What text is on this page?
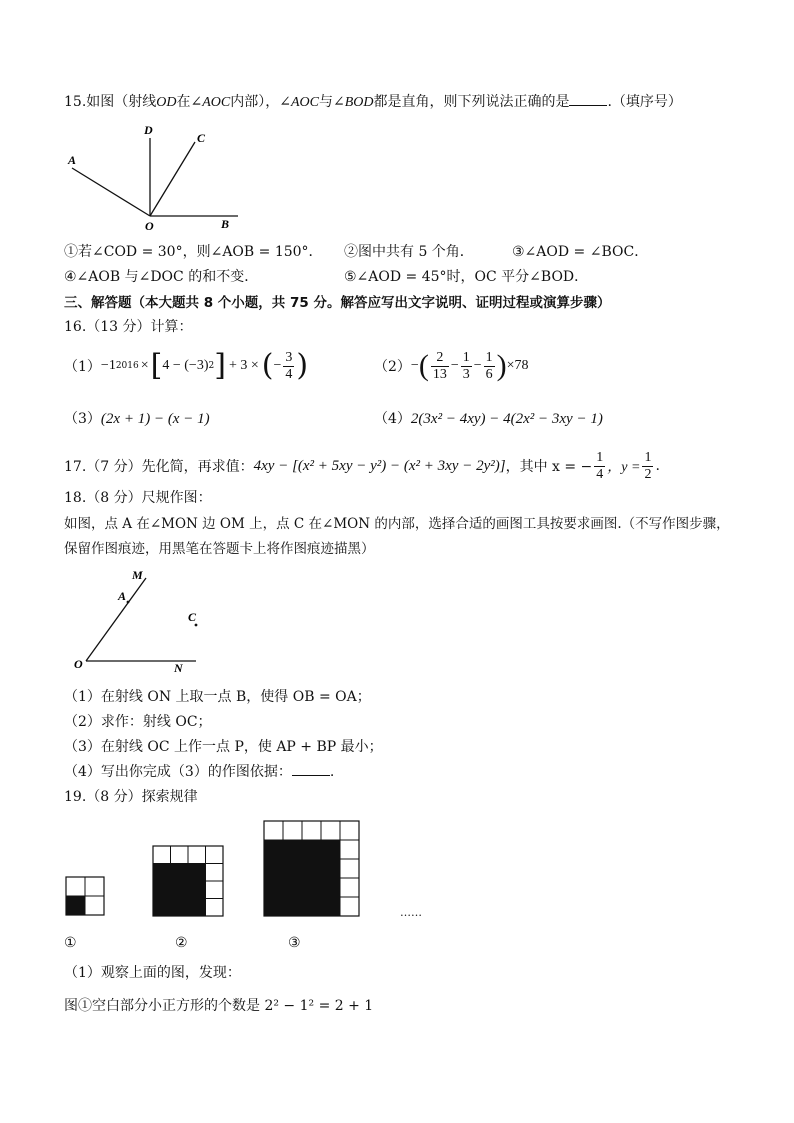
15.如图（射线OD在∠AOC内部），∠AOC与∠BOD都是直角，则下列说法正确的是	.（填序号）
A
D
C
O	B
①若∠COD = 30°，则∠AOB = 150°． ②图中共有 5 个角．	③∠AOD = ∠BOC．
④∠AOB 与∠DOC 的和不变．	⑤∠AOD = 45°时，OC 平分∠BOD．
三、解答题（本大题共 8 个小题，共 75 分。解答应写出文字说明、证明过程或演算步骤）
16.（13 分）计算：
（1） −1 2016 × [ 4 − (−3) 2 ] + 3 × ( − $\frac{3}{4}$ )	（2） − ( $\frac{2}{13} - \frac{1}{3} - \frac{1}{6}$ ) ×78
（3）(2x + 1) − (x − 1)	（4）2(3x² − 4xy) − 4(2x² − 3xy − 1)
17.（7 分）先化简，再求值： 4xy − [(x² + 5xy − y²) − (x² + 3xy − 2y²)] ，其中 x = − $\frac{1}{4}$ ，$y = \frac{1}{2}$ .
18.（8 分）尺规作图：
如图，点 A 在∠MON 边 OM 上，点 C 在∠MON 的内部，选择合适的画图工具按要求画图.（不写作图步骤，
保留作图痕迹，用黑笔在答题卡上将作图痕迹描黑）
M
A
C
O	N
（1）在射线 ON 上取一点 B，使得 OB = OA；
（2）求作：射线 OC；
（3）在射线 OC 上作一点 P，使 AP + BP 最小；
（4）写出你完成（3）的作图依据：	.
19.（8 分）探索规律
……
①	②	③
（1）观察上面的图，发现：
图①空白部分小正方形的个数是 2² − 1² = 2 + 1
